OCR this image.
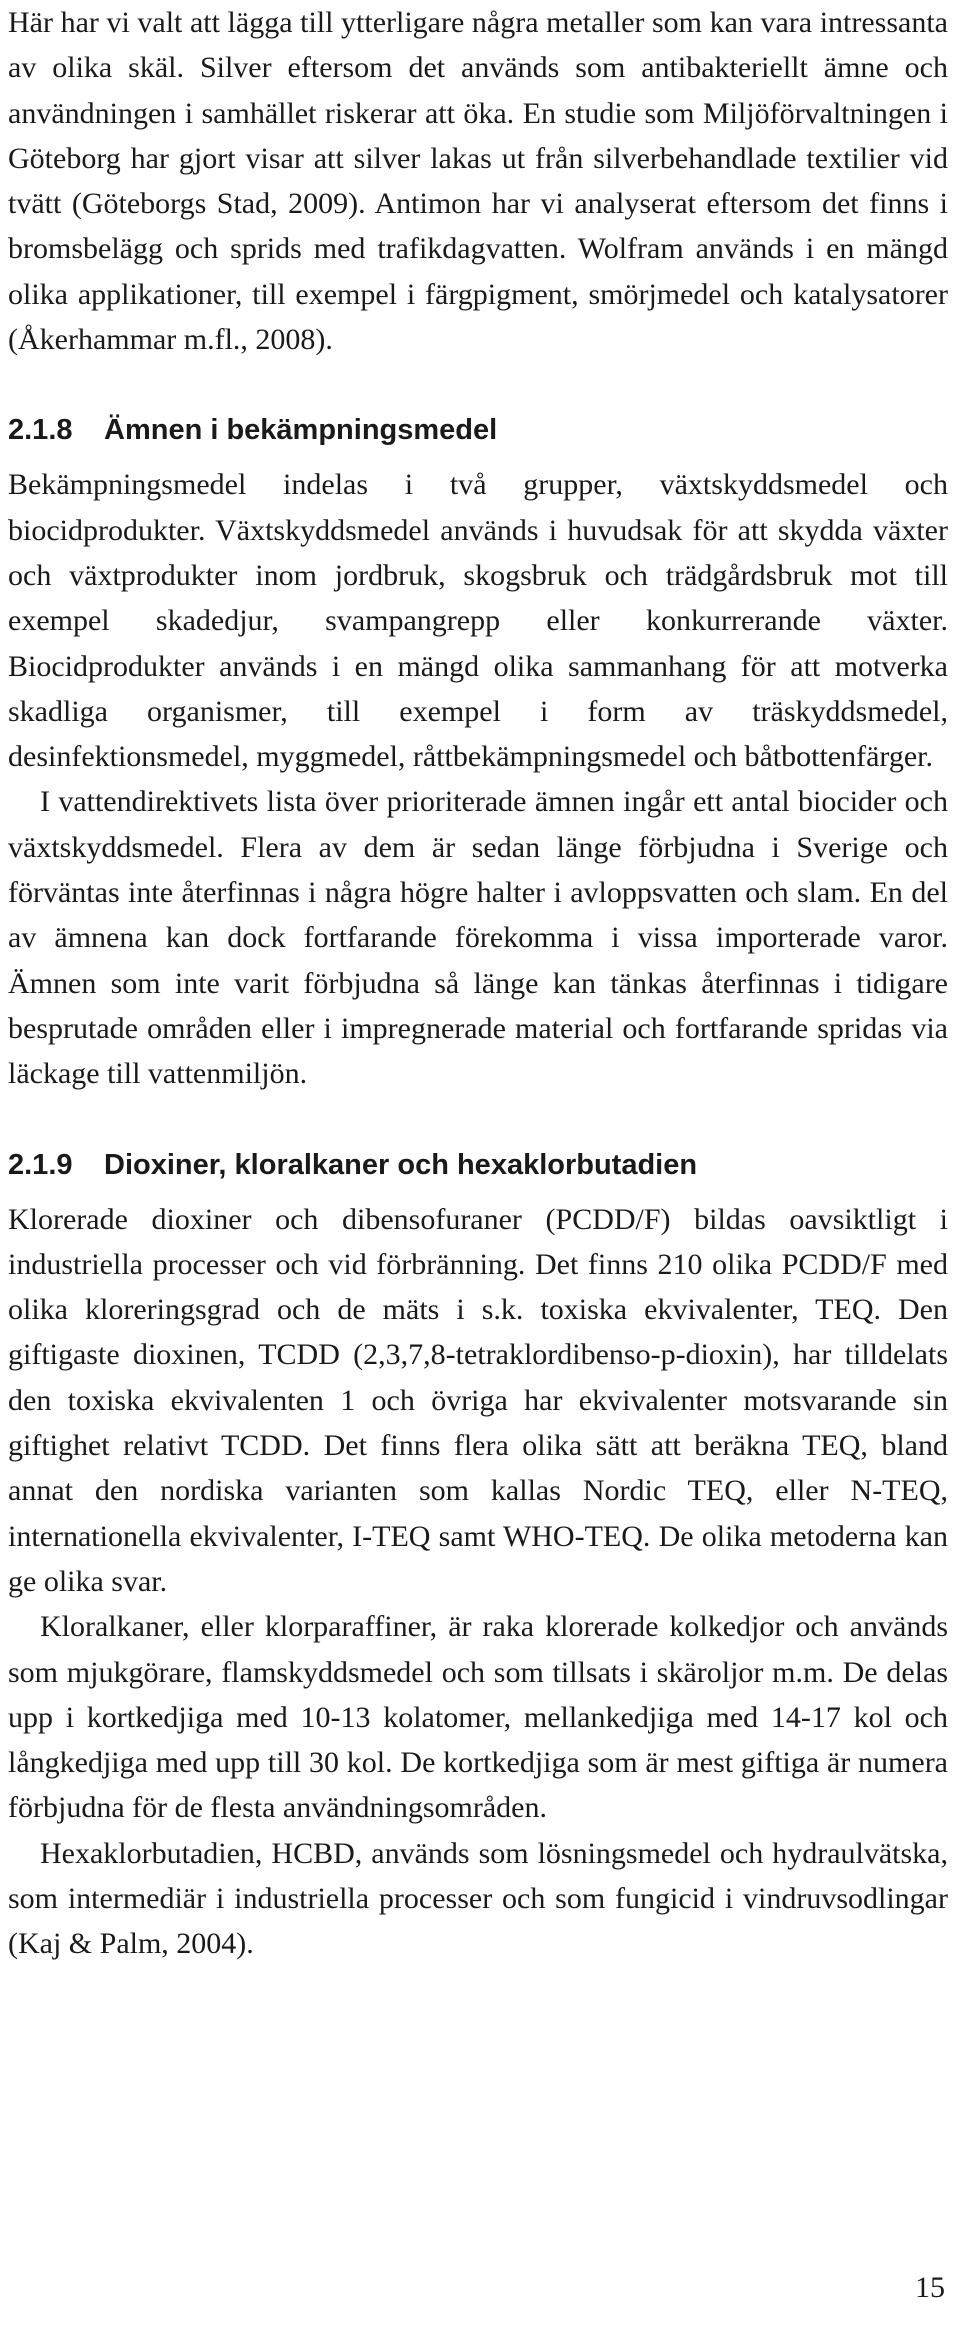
Här har vi valt att lägga till ytterligare några metaller som kan vara intressanta av olika skäl. Silver eftersom det används som antibakteriellt ämne och användningen i samhället riskerar att öka. En studie som Miljöförvaltningen i Göteborg har gjort visar att silver lakas ut från silverbehandlade textilier vid tvätt (Göteborgs Stad, 2009). Antimon har vi analyserat eftersom det finns i bromsbelägg och sprids med trafikdagvatten. Wolfram används i en mängd olika applikationer, till exempel i färgpigment, smörjmedel och katalysatorer (Åkerhammar m.fl., 2008).

2.1.8 Ämnen i bekämpningsmedel

Bekämpningsmedel indelas i två grupper, växtskyddsmedel och biocidprodukter. Växtskyddsmedel används i huvudsak för att skydda växter och växtprodukter inom jordbruk, skogsbruk och trädgårdsbruk mot till exempel skadedjur, svampangrepp eller konkurrerande växter. Biocidprodukter används i en mängd olika sammanhang för att motverka skadliga organismer, till exempel i form av träskyddsmedel, desinfektionsmedel, myggmedel, råttbekämpningsmedel och båtbottenfärger.

I vattendirektivets lista över prioriterade ämnen ingår ett antal biocider och växtskyddsmedel. Flera av dem är sedan länge förbjudna i Sverige och förväntas inte återfinnas i några högre halter i avloppsvatten och slam. En del av ämnena kan dock fortfarande förekomma i vissa importerade varor. Ämnen som inte varit förbjudna så länge kan tänkas återfinnas i tidigare besprutade områden eller i impregnerade material och fortfarande spridas via läckage till vattenmiljön.

2.1.9 Dioxiner, kloralkaner och hexaklorbutadien

Klorerade dioxiner och dibensofuraner (PCDD/F) bildas oavsiktligt i industriella processer och vid förbränning. Det finns 210 olika PCDD/F med olika kloreringsgrad och de mäts i s.k. toxiska ekvivalenter, TEQ. Den giftigaste dioxinen, TCDD (2,3,7,8-tetraklordibenso-p-dioxin), har tilldelats den toxiska ekvivalenten 1 och övriga har ekvivalenter motsvarande sin giftighet relativt TCDD. Det finns flera olika sätt att beräkna TEQ, bland annat den nordiska varianten som kallas Nordic TEQ, eller N-TEQ, internationella ekvivalenter, I-TEQ samt WHO-TEQ. De olika metoderna kan ge olika svar.

Kloralkaner, eller klorparaffiner, är raka klorerade kolkedjor och används som mjukgörare, flamskyddsmedel och som tillsats i skäroljor m.m. De delas upp i kortkedjiga med 10-13 kolatomer, mellankedjiga med 14-17 kol och långkedjiga med upp till 30 kol. De kortkedjiga som är mest giftiga är numera förbjudna för de flesta användningsområden.

Hexaklorbutadien, HCBD, används som lösningsmedel och hydraulvätska, som intermediär i industriella processer och som fungicid i vindruvsodlingar (Kaj & Palm, 2004).

15
